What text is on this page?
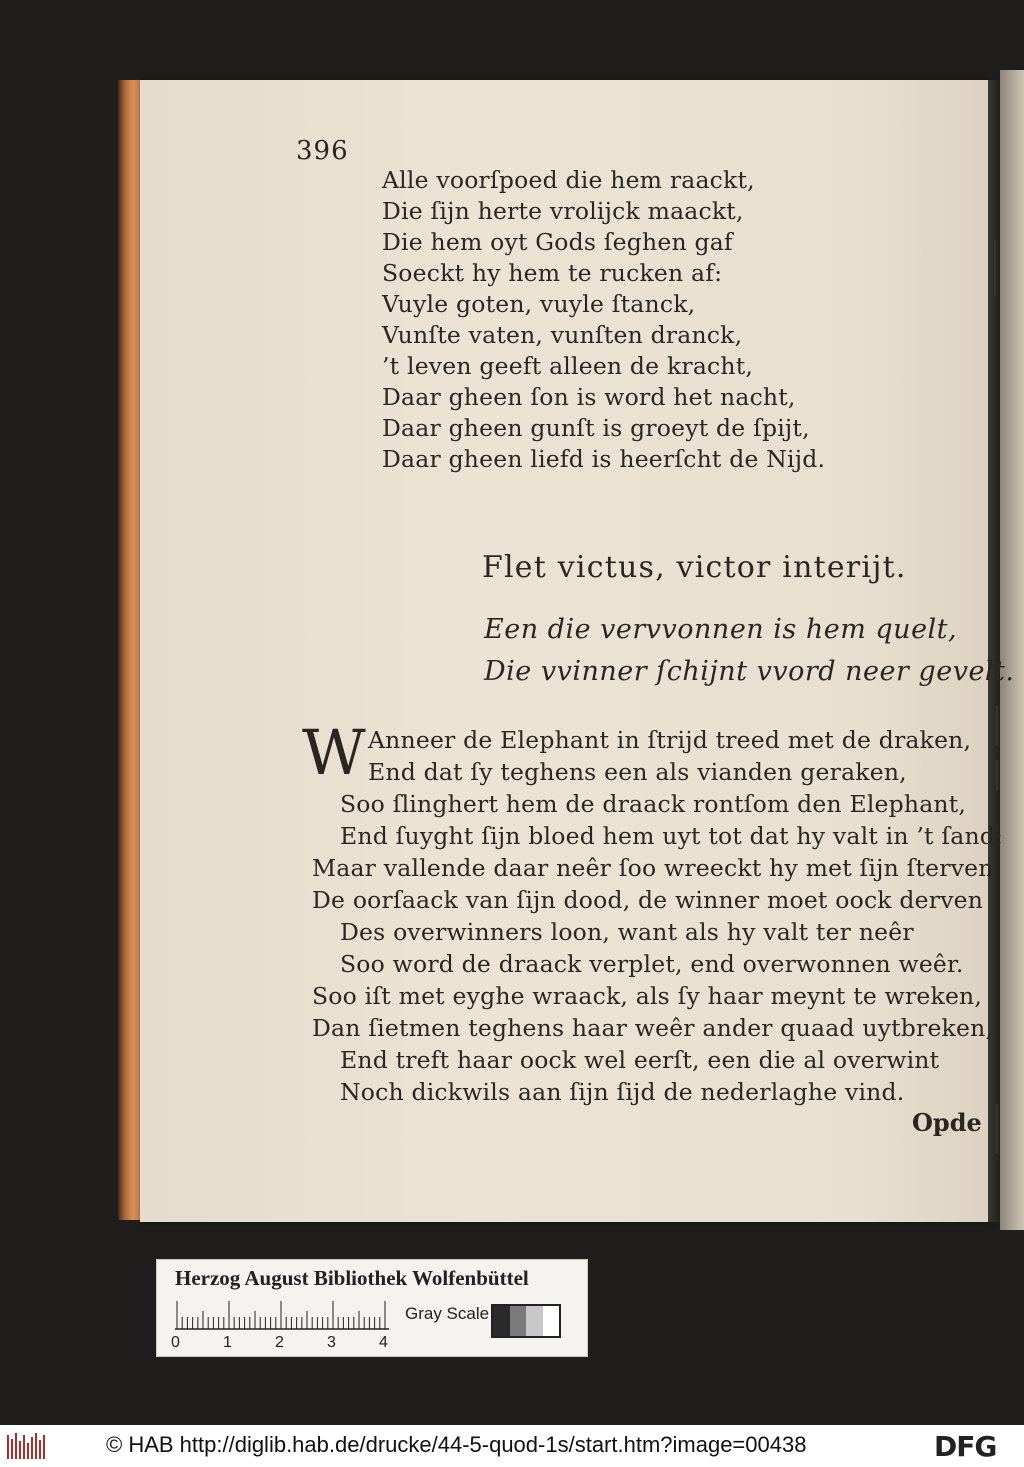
396
Alle voorſpoed die hem raackt,
Die ſijn herte vrolijck maackt,
Die hem oyt Gods ſeghen gaf
Soeckt hy hem te rucken af:
Vuyle goten, vuyle ſtanck,
Vunſte vaten, vunſten dranck,
’t leven geeft alleen de kracht,
Daar gheen ſon is word het nacht,
Daar gheen gunſt is groeyt de ſpijt,
Daar gheen liefd is heerſcht de Nijd.
Flet victus, victor interijt.
Een die vervvonnen is hem quelt,
Die vvinner ſchijnt vvord neer gevelt.
W Anneer de Elephant in ſtrijd treed met de draken,
End dat ſy teghens een als vianden geraken,
Soo ſlinghert hem de draack rontſom den Elephant,
End ſuyght ſijn bloed hem uyt tot dat hy valt in ’t ſand:
Maar vallende daar neêr ſoo wreeckt hy met ſijn ſterven
De oorſaack van ſijn dood, de winner moet oock derven
Des overwinners loon, want als hy valt ter neêr
Soo word de draack verplet, end overwonnen weêr.
Soo iſt met eyghe wraack, als ſy haar meynt te wreken,
Dan ſietmen teghens haar weêr ander quaad uytbreken,
End treft haar oock wel eerſt, een die al overwint
Noch dickwils aan ſijn ſijd de nederlaghe vind.
Opde
Herzog August Bibliothek Wolfenbüttel
0	1	2	3	4
Gray Scale
© HAB http://diglib.hab.de/drucke/44-5-quod-1s/start.htm?image=00438	DFG
